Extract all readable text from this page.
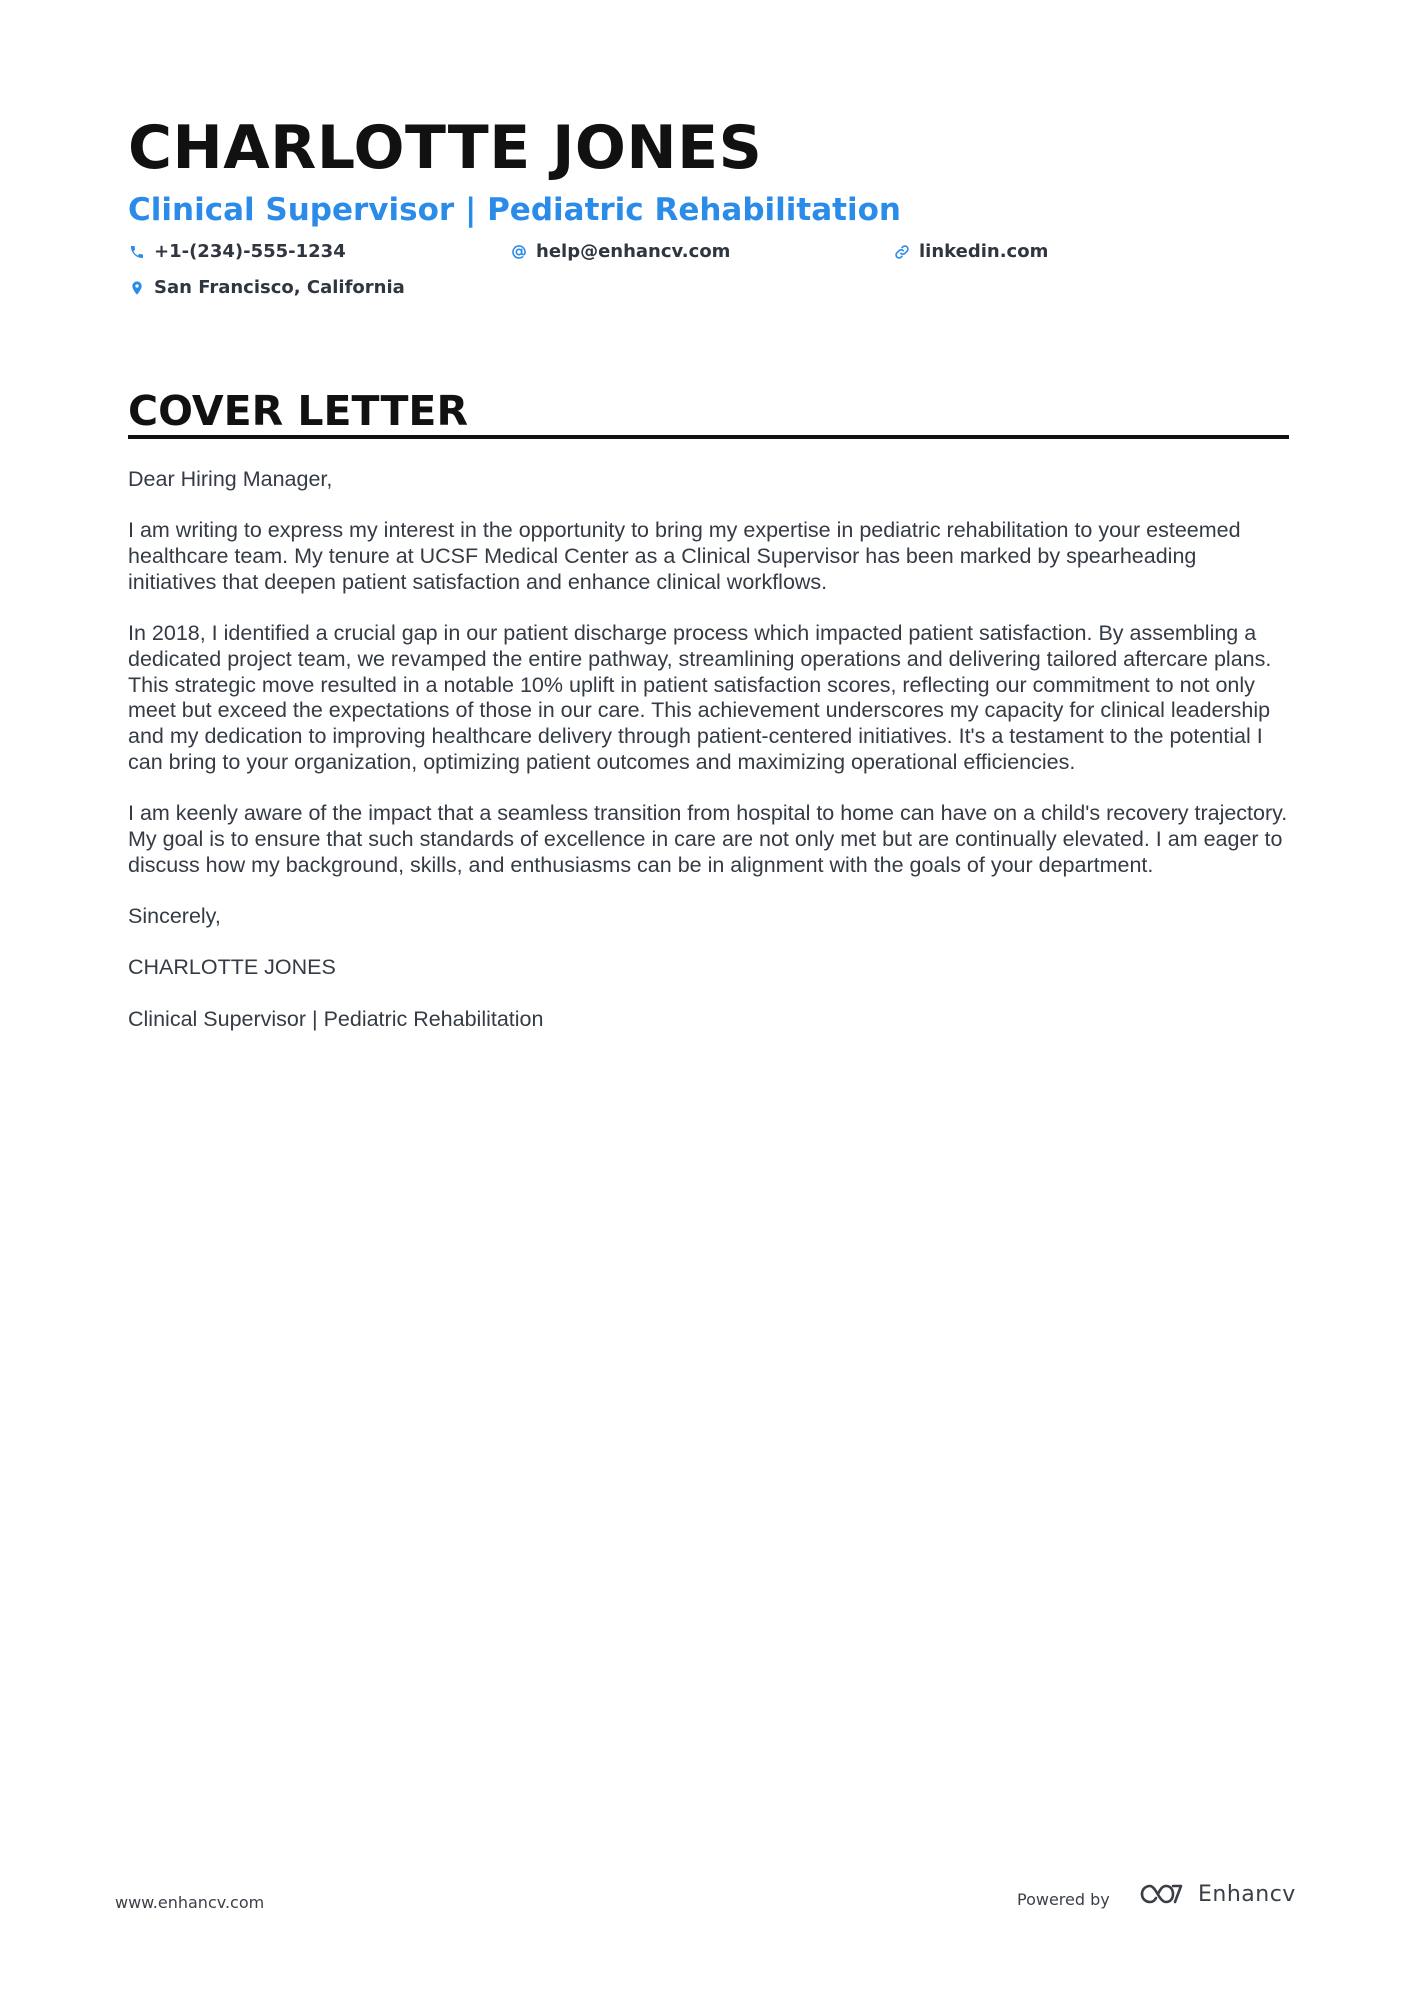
CHARLOTTE JONES
Clinical Supervisor | Pediatric Rehabilitation
+1-(234)-555-1234	help@enhancv.com	linkedin.com
San Francisco, California
COVER LETTER

Dear Hiring Manager,

I am writing to express my interest in the opportunity to bring my expertise in pediatric rehabilitation to your esteemed healthcare team. My tenure at UCSF Medical Center as a Clinical Supervisor has been marked by spearheading initiatives that deepen patient satisfaction and enhance clinical workflows.

In 2018, I identified a crucial gap in our patient discharge process which impacted patient satisfaction. By assembling a dedicated project team, we revamped the entire pathway, streamlining operations and delivering tailored aftercare plans. This strategic move resulted in a notable 10% uplift in patient satisfaction scores, reflecting our commitment to not only meet but exceed the expectations of those in our care. This achievement underscores my capacity for clinical leadership and my dedication to improving healthcare delivery through patient-centered initiatives. It's a testament to the potential I can bring to your organization, optimizing patient outcomes and maximizing operational efficiencies.

I am keenly aware of the impact that a seamless transition from hospital to home can have on a child's recovery trajectory. My goal is to ensure that such standards of excellence in care are not only met but are continually elevated. I am eager to discuss how my background, skills, and enthusiasms can be in alignment with the goals of your department.

Sincerely,

CHARLOTTE JONES

Clinical Supervisor | Pediatric Rehabilitation

www.enhancv.com	Powered by	Enhancv
